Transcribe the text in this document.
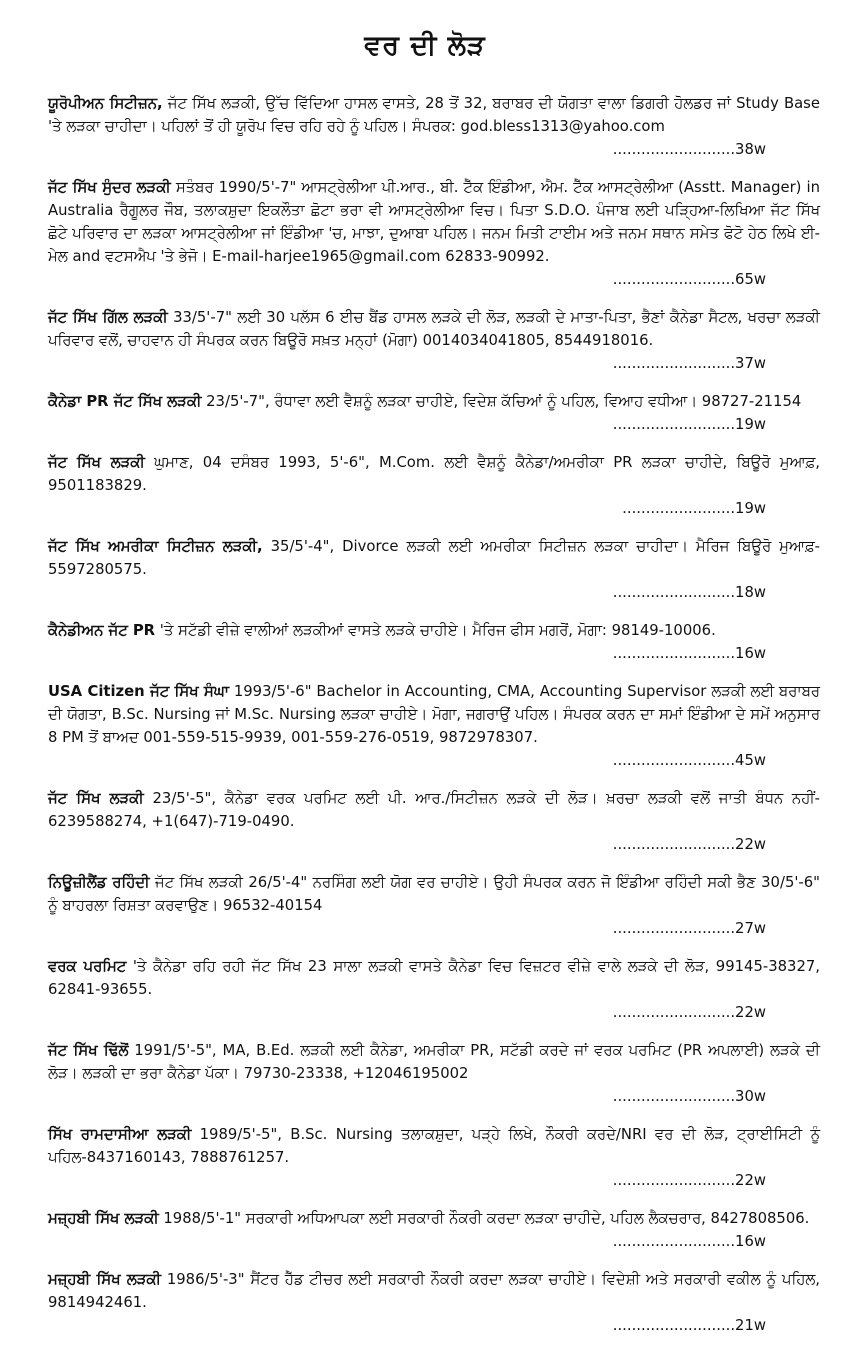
ਵਰ ਦੀ ਲੋੜ
ਯੂਰੋਪੀਅਨ ਸਿਟੀਜ਼ਨ, ਜੱਟ ਸਿੱਖ ਲੜਕੀ, ਉੱਚ ਵਿੱਦਿਆ ਹਾਸਲ ਵਾਸਤੇ, 28 ਤੋਂ 32, ਬਰਾਬਰ ਦੀ ਯੋਗਤਾ ਵਾਲਾ ਡਿਗਰੀ ਹੋਲਡਰ ਜਾਂ Study Base 'ਤੇ ਲੜਕਾ ਚਾਹੀਦਾ। ਪਹਿਲਾਂ ਤੋਂ ਹੀ ਯੂਰੋਪ ਵਿਚ ਰਹਿ ਰਹੇ ਨੂੰ ਪਹਿਲ। ਸੰਪਰਕ: god.bless1313@yahoo.com
..........................38w
ਜੱਟ ਸਿੱਖ ਸੁੰਦਰ ਲੜਕੀ ਸਤੰਬਰ 1990/5'-7" ਆਸਟ੍ਰੇਲੀਆ ਪੀ.ਆਰ., ਬੀ. ਟੈੱਕ ਇੰਡੀਆ, ਐਮ. ਟੈੱਕ ਆਸਟ੍ਰੇਲੀਆ (Asstt. Manager) in Australia ਰੈਗੂਲਰ ਜੌਬ, ਤਲਾਕਸ਼ੁਦਾ ਇਕਲੌਤਾ ਛੋਟਾ ਭਰਾ ਵੀ ਆਸਟ੍ਰੇਲੀਆ ਵਿਚ। ਪਿਤਾ S.D.O. ਪੰਜਾਬ ਲਈ ਪੜ੍ਹਿਆ-ਲਿਖਿਆ ਜੱਟ ਸਿੱਖ ਛੋਟੇ ਪਰਿਵਾਰ ਦਾ ਲੜਕਾ ਆਸਟ੍ਰੇਲੀਆ ਜਾਂ ਇੰਡੀਆ 'ਚ, ਮਾਝਾ, ਦੁਆਬਾ ਪਹਿਲ। ਜਨਮ ਮਿਤੀ ਟਾਈਮ ਅਤੇ ਜਨਮ ਸਥਾਨ ਸਮੇਤ ਫੋਟੋ ਹੇਠ ਲਿਖੇ ਈ-ਮੇਲ and ਵਟਸਐਪ 'ਤੇ ਭੇਜੋ। E-mail-harjee1965@gmail.com 62833-90992.
..........................65w
ਜੱਟ ਸਿੱਖ ਗਿੱਲ ਲੜਕੀ 33/5'-7" ਲਈ 30 ਪਲੱਸ 6 ਈਚ ਬੈਂਡ ਹਾਸਲ ਲੜਕੇ ਦੀ ਲੋੜ, ਲੜਕੀ ਦੇ ਮਾਤਾ-ਪਿਤਾ, ਭੈਣਾਂ ਕੈਨੇਡਾ ਸੈਟਲ, ਖਰਚਾ ਲੜਕੀ ਪਰਿਵਾਰ ਵਲੋਂ, ਚਾਹਵਾਨ ਹੀ ਸੰਪਰਕ ਕਰਨ ਬਿਊਰੋ ਸਖ਼ਤ ਮਨ੍ਹਾਂ (ਮੋਗਾ) 0014034041805, 8544918016.
..........................37w
ਕੈਨੇਡਾ PR ਜੱਟ ਸਿੱਖ ਲੜਕੀ 23/5'-7", ਰੰਧਾਵਾ ਲਈ ਵੈਸ਼ਨੂੰ ਲੜਕਾ ਚਾਹੀਏ, ਵਿਦੇਸ਼ ਕੱਚਿਆਂ ਨੂੰ ਪਹਿਲ, ਵਿਆਹ ਵਧੀਆ। 98727-21154
..........................19w
ਜੱਟ ਸਿੱਖ ਲੜਕੀ ਘੁਮਾਣ, 04 ਦਸੰਬਰ 1993, 5'-6", M.Com. ਲਈ ਵੈਸ਼ਨੂੰ ਕੈਨੇਡਾ/ਅਮਰੀਕਾ PR ਲੜਕਾ ਚਾਹੀਦੇ, ਬਿਊਰੋ ਮੁਆਫ਼, 9501183829.
........................19w
ਜੱਟ ਸਿੱਖ ਅਮਰੀਕਾ ਸਿਟੀਜ਼ਨ ਲੜਕੀ, 35/5'-4", Divorce ਲੜਕੀ ਲਈ ਅਮਰੀਕਾ ਸਿਟੀਜ਼ਨ ਲੜਕਾ ਚਾਹੀਦਾ। ਮੈਰਿਜ ਬਿਊਰੋ ਮੁਆਫ਼- 5597280575.
..........................18w
ਕੈਨੇਡੀਅਨ ਜੱਟ PR 'ਤੇ ਸਟੱਡੀ ਵੀਜ਼ੇ ਵਾਲੀਆਂ ਲੜਕੀਆਂ ਵਾਸਤੇ ਲੜਕੇ ਚਾਹੀਏ। ਮੈਰਿਜ ਫੀਸ ਮਗਰੋਂ, ਮੋਗਾ: 98149-10006.
..........................16w
USA Citizen ਜੱਟ ਸਿੱਖ ਸੰਘਾ 1993/5'-6" Bachelor in Accounting, CMA, Accounting Supervisor ਲੜਕੀ ਲਈ ਬਰਾਬਰ ਦੀ ਯੋਗਤਾ, B.Sc. Nursing ਜਾਂ M.Sc. Nursing ਲੜਕਾ ਚਾਹੀਏ। ਮੋਗਾ, ਜਗਰਾਉਂ ਪਹਿਲ। ਸੰਪਰਕ ਕਰਨ ਦਾ ਸਮਾਂ ਇੰਡੀਆ ਦੇ ਸਮੇਂ ਅਨੁਸਾਰ 8 PM ਤੋਂ ਬਾਅਦ 001-559-515-9939, 001-559-276-0519, 9872978307.
..........................45w
ਜੱਟ ਸਿੱਖ ਲੜਕੀ 23/5'-5", ਕੈਨੇਡਾ ਵਰਕ ਪਰਮਿਟ ਲਈ ਪੀ. ਆਰ./ਸਿਟੀਜ਼ਨ ਲੜਕੇ ਦੀ ਲੋੜ। ਖ਼ਰਚਾ ਲੜਕੀ ਵਲੋਂ ਜਾਤੀ ਬੰਧਨ ਨਹੀਂ- 6239588274, +1(647)-719-0490.
..........................22w
ਨਿਊਜ਼ੀਲੈਂਡ ਰਹਿੰਦੀ ਜੱਟ ਸਿੱਖ ਲੜਕੀ 26/5'-4" ਨਰਸਿੰਗ ਲਈ ਯੋਗ ਵਰ ਚਾਹੀਏ। ਉਹੀ ਸੰਪਰਕ ਕਰਨ ਜੋ ਇੰਡੀਆ ਰਹਿੰਦੀ ਸਕੀ ਭੈਣ 30/5'-6" ਨੂੰ ਬਾਹਰਲਾ ਰਿਸ਼ਤਾ ਕਰਵਾਉਣ। 96532-40154
..........................27w
ਵਰਕ ਪਰਮਿਟ 'ਤੇ ਕੈਨੇਡਾ ਰਹਿ ਰਹੀ ਜੱਟ ਸਿੱਖ 23 ਸਾਲਾ ਲੜਕੀ ਵਾਸਤੇ ਕੈਨੇਡਾ ਵਿਚ ਵਿਜ਼ਟਰ ਵੀਜ਼ੇ ਵਾਲੇ ਲੜਕੇ ਦੀ ਲੋੜ, 99145-38327, 62841-93655.
..........................22w
ਜੱਟ ਸਿੱਖ ਢਿੱਲੋਂ 1991/5'-5", MA, B.Ed. ਲੜਕੀ ਲਈ ਕੈਨੇਡਾ, ਅਮਰੀਕਾ PR, ਸਟੱਡੀ ਕਰਦੇ ਜਾਂ ਵਰਕ ਪਰਮਿਟ (PR ਅਪਲਾਈ) ਲੜਕੇ ਦੀ ਲੋੜ। ਲੜਕੀ ਦਾ ਭਰਾ ਕੈਨੇਡਾ ਪੱਕਾ। 79730-23338, +12046195002
..........................30w
ਸਿੱਖ ਰਾਮਦਾਸੀਆ ਲੜਕੀ 1989/5'-5", B.Sc. Nursing ਤਲਾਕਸ਼ੁਦਾ, ਪੜ੍ਹੇ ਲਿਖੇ, ਨੌਕਰੀ ਕਰਦੇ/NRI ਵਰ ਦੀ ਲੋੜ, ਟ੍ਰਾਈਸਿਟੀ ਨੂੰ ਪਹਿਲ-8437160143, 7888761257.
..........................22w
ਮਜ਼੍ਹਬੀ ਸਿੱਖ ਲੜਕੀ 1988/5'-1" ਸਰਕਾਰੀ ਅਧਿਆਪਕਾ ਲਈ ਸਰਕਾਰੀ ਨੌਕਰੀ ਕਰਦਾ ਲੜਕਾ ਚਾਹੀਦੇ, ਪਹਿਲ ਲੈਕਚਰਾਰ, 8427808506.
..........................16w
ਮਜ਼੍ਹਬੀ ਸਿੱਖ ਲੜਕੀ 1986/5'-3" ਸੈਂਟਰ ਹੈੱਡ ਟੀਚਰ ਲਈ ਸਰਕਾਰੀ ਨੌਕਰੀ ਕਰਦਾ ਲੜਕਾ ਚਾਹੀਏ। ਵਿਦੇਸ਼ੀ ਅਤੇ ਸਰਕਾਰੀ ਵਕੀਲ ਨੂੰ ਪਹਿਲ, 9814942461.
..........................21w
